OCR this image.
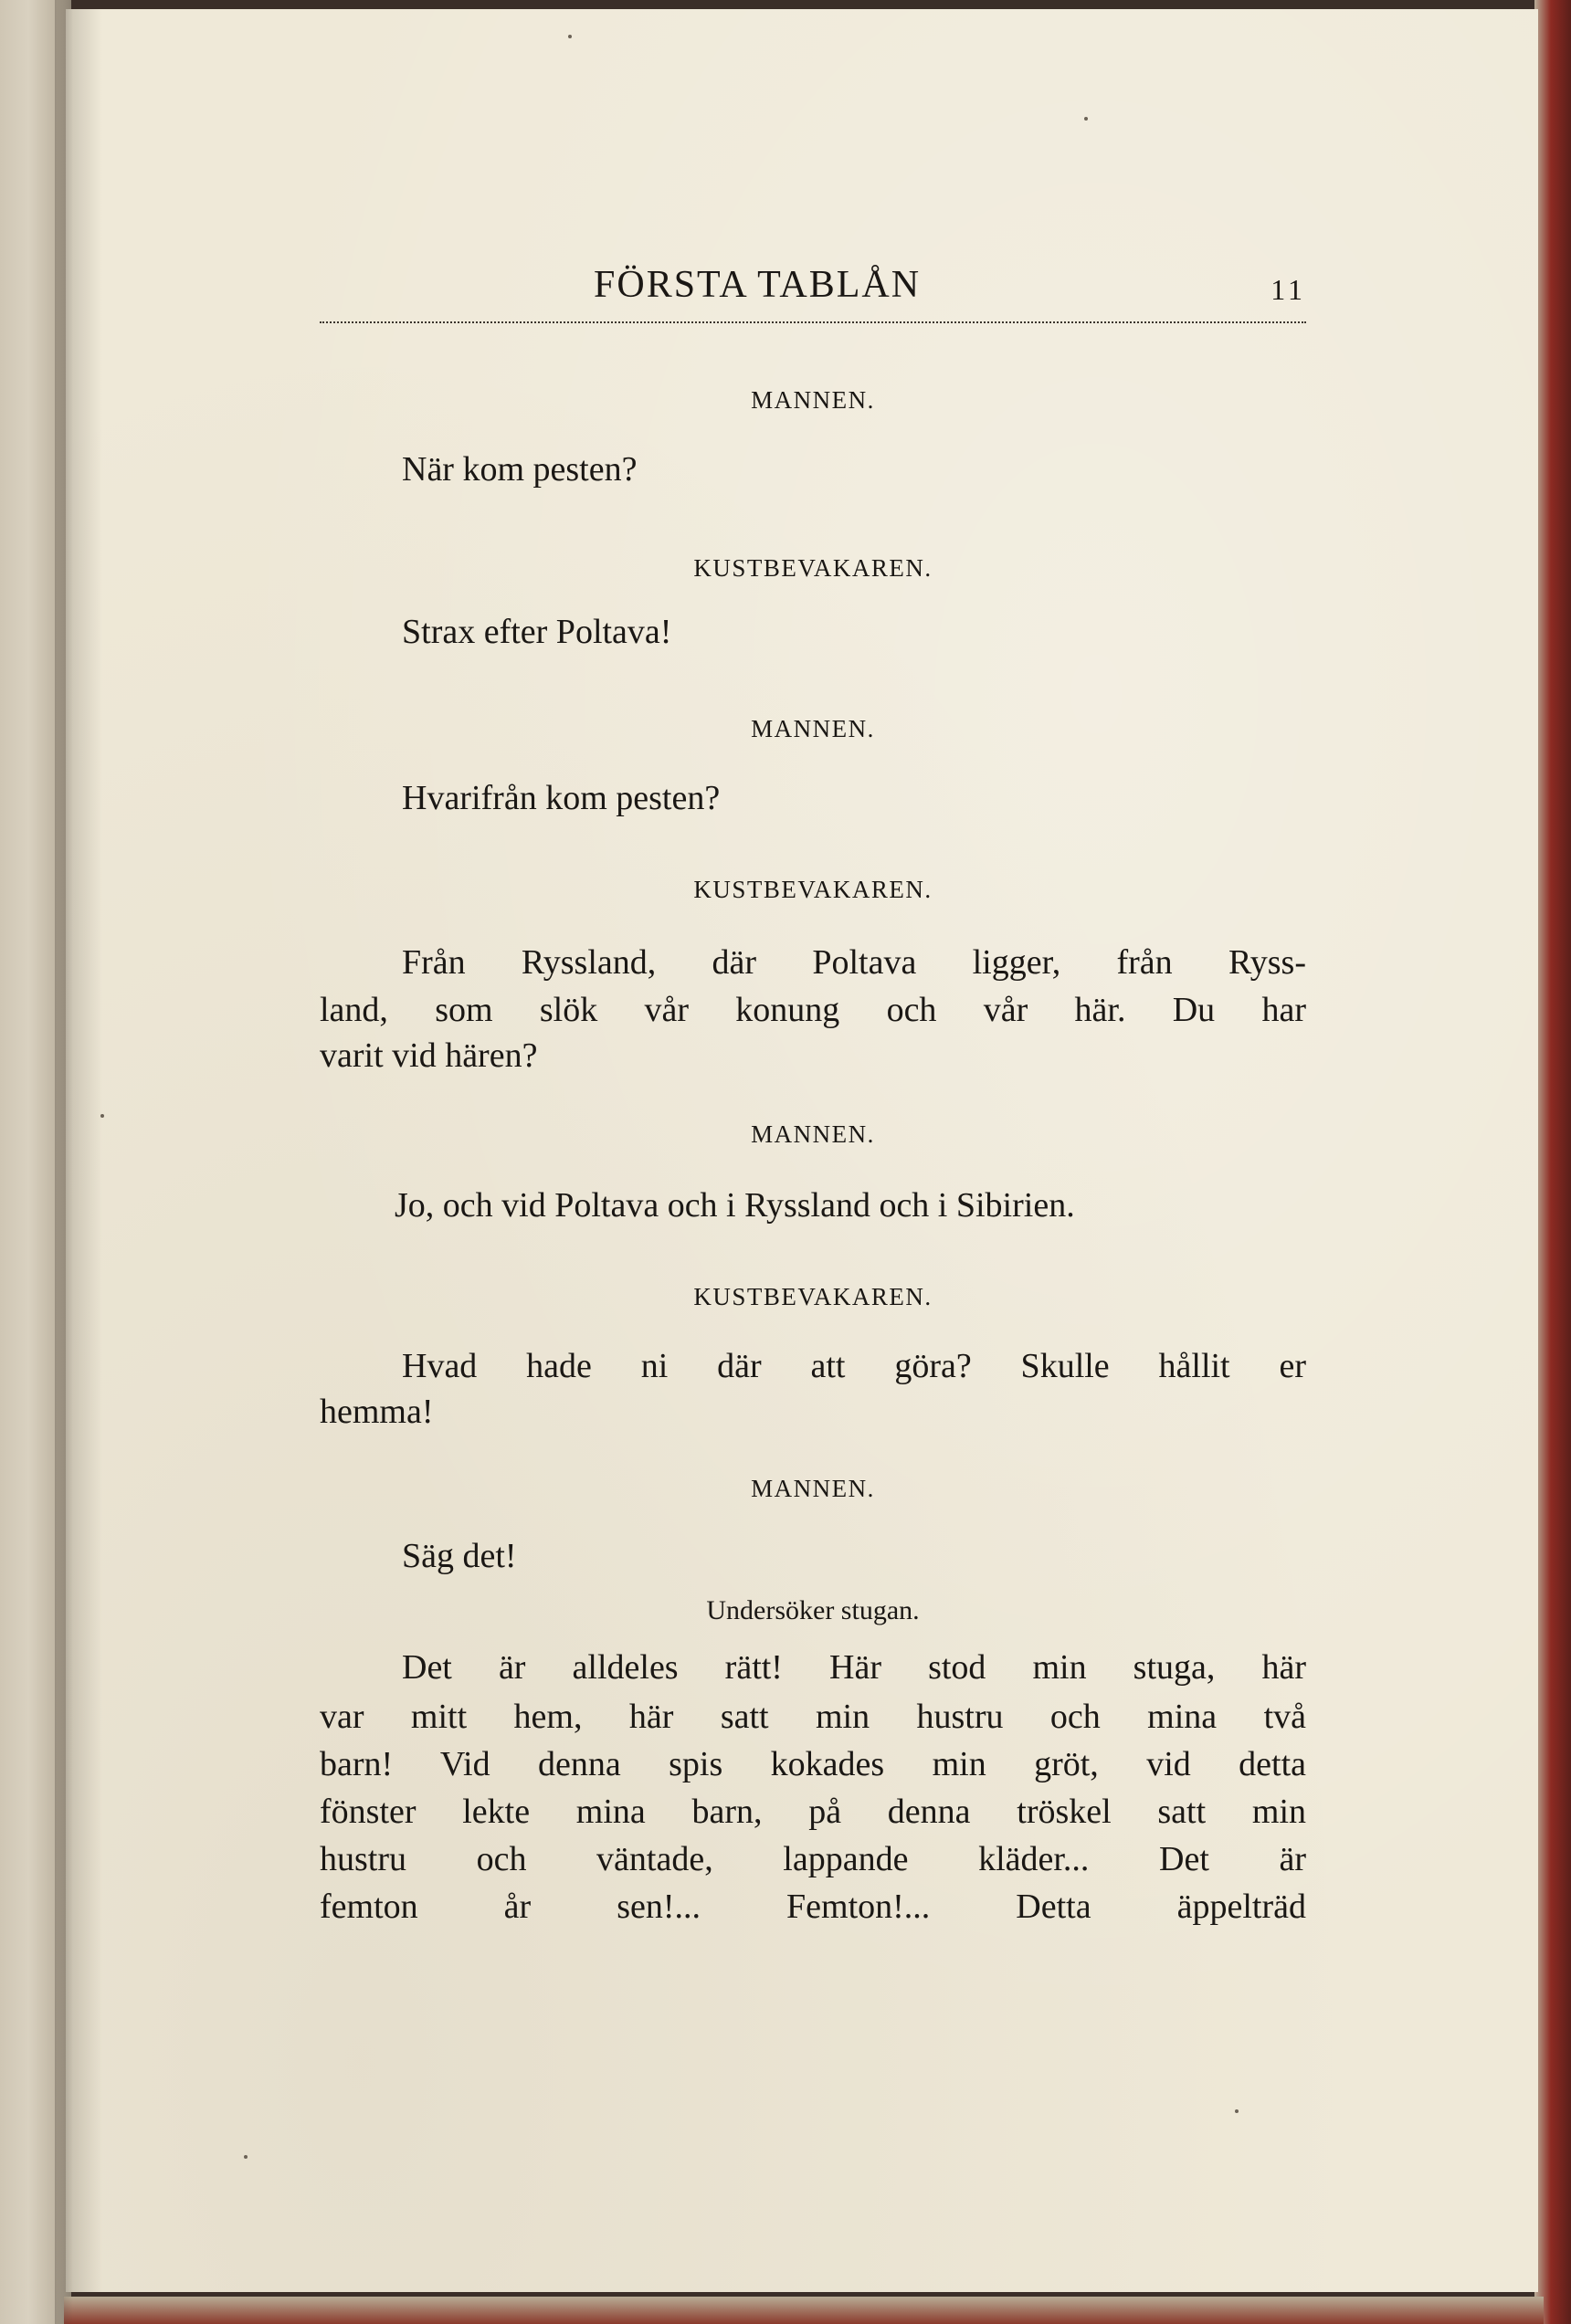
FÖRSTA TABLÅN	11
MANNEN.
När kom pesten?
KUSTBEVAKAREN.
Strax efter Poltava!
MANNEN.
Hvarifrån kom pesten?
KUSTBEVAKAREN.
Från Ryssland, där Poltava ligger, från Ryss-
land, som slök vår konung och vår här. Du har
varit vid hären?
MANNEN.
Jo, och vid Poltava och i Ryssland och i Sibirien.
KUSTBEVAKAREN.
Hvad hade ni där att göra? Skulle hållit er
hemma!
MANNEN.
Säg det!
Undersöker stugan.
Det är alldeles rätt! Här stod min stuga, här
var mitt hem, här satt min hustru och mina två
barn! Vid denna spis kokades min gröt, vid detta
fönster lekte mina barn, på denna tröskel satt min
hustru och väntade, lappande kläder... Det är
femton år sen!... Femton!... Detta äppelträd
